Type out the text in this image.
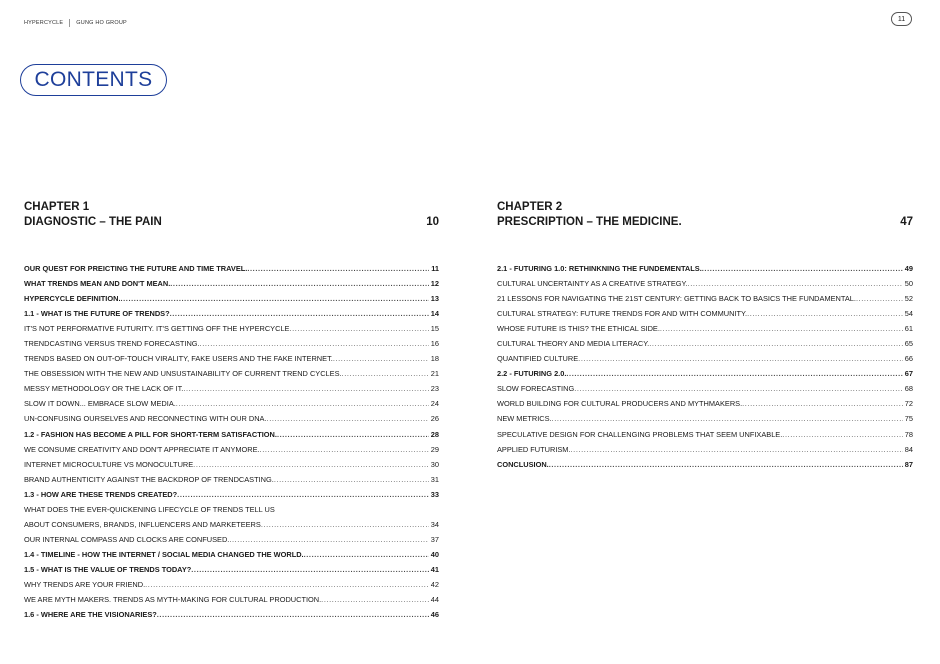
HYPERCYCLE GUNG HO GROUP
11
CONTENTS
CHAPTER 1
DIAGNOSTIC – THE PAIN	10
OUR QUEST FOR PREICTING THE FUTURE AND TIME TRAVEL. .....	11
WHAT TRENDS MEAN AND DON'T MEAN. .....	12
HYPERCYCLE DEFINITION. .....	13
1.1 - WHAT IS THE FUTURE OF TRENDS? .....	14
IT'S NOT PERFORMATIVE FUTURITY. IT'S GETTING OFF THE HYPERCYCLE .....	15
TRENDCASTING VERSUS TREND FORECASTING. .....	16
TRENDS BASED ON OUT-OF-TOUCH VIRALITY, FAKE USERS AND THE FAKE INTERNET. .....	18
THE OBSESSION WITH THE NEW AND UNSUSTAINABILITY OF CURRENT TREND CYCLES. .....	21
MESSY METHODOLOGY OR THE LACK OF IT. .....	23
SLOW IT DOWN... EMBRACE SLOW MEDIA. .....	24
UN-CONFUSING OURSELVES AND RECONNECTING WITH OUR DNA. .....	26
1.2 - FASHION HAS BECOME A PILL FOR SHORT-TERM SATISFACTION. .....	28
WE CONSUME CREATIVITY AND DON'T APPRECIATE IT ANYMORE. .....	29
INTERNET MICROCULTURE VS MONOCULTURE .....	30
BRAND AUTHENTICITY AGAINST THE BACKDROP OF TRENDCASTING. .....	31
1.3 - HOW ARE THESE TRENDS CREATED? .....	33
WHAT DOES THE EVER-QUICKENING LIFECYCLE OF TRENDS TELL US
ABOUT CONSUMERS, BRANDS, INFLUENCERS AND MARKETEERS .....	34
OUR INTERNAL COMPASS AND CLOCKS ARE CONFUSED. .....	37
1.4 - TIMELINE - HOW THE INTERNET / SOCIAL MEDIA CHANGED THE WORLD. .....	40
1.5 - WHAT IS THE VALUE OF TRENDS TODAY? .....	41
WHY TRENDS ARE YOUR FRIEND. .....	42
WE ARE MYTH MAKERS. TRENDS AS MYTH-MAKING FOR CULTURAL PRODUCTION. .....	44
1.6 - WHERE ARE THE VISIONARIES? .....	46
CHAPTER 2
PRESCRIPTION – THE MEDICINE.	47
2.1 - FUTURING 1.0: RETHINKNING THE FUNDEMENTALS. .....	49
CULTURAL UNCERTAINTY AS A CREATIVE STRATEGY. .....	50
21 LESSONS FOR NAVIGATING THE 21ST CENTURY: GETTING BACK TO BASICS THE FUNDAMENTAL. .....	52
CULTURAL STRATEGY: FUTURE TRENDS FOR AND WITH COMMUNITY. .....	54
WHOSE FUTURE IS THIS? THE ETHICAL SIDE. .....	61
CULTURAL THEORY AND MEDIA LITERACY. .....	65
QUANTIFIED CULTURE .....	66
2.2 - FUTURING 2.0. .....	67
SLOW FORECASTING .....	68
WORLD BUILDING FOR CULTURAL PRODUCERS AND MYTHMAKERS. .....	72
NEW METRICS. .....	75
SPECULATIVE DESIGN FOR CHALLENGING PROBLEMS THAT SEEM UNFIXABLE. .....	78
APPLIED FUTURISM. .....	84
CONCLUSION. .....	87
